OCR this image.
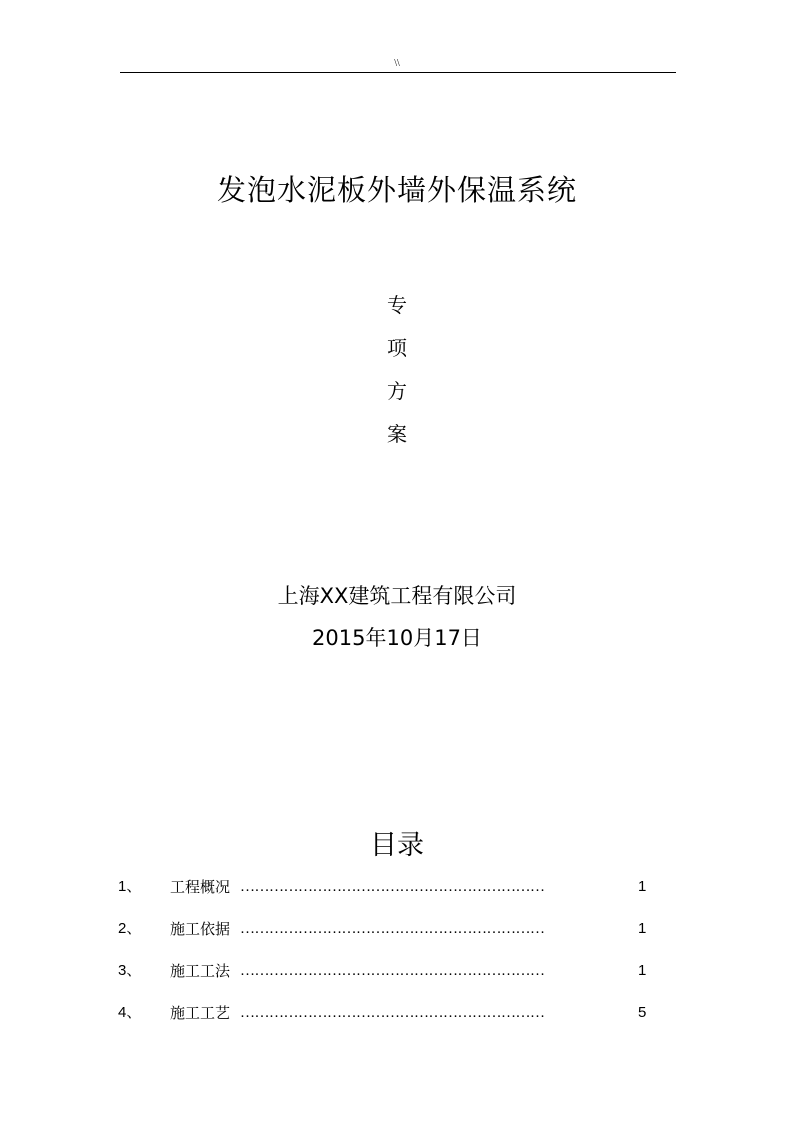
\\
发泡水泥板外墙外保温系统
专
项
方
案
上海XX建筑工程有限公司
2015年10月17日
目录
1、 工程概况 ………………………………………………………	1
2、 施工依据 ………………………………………………………	1
3、 施工工法 ………………………………………………………	1
4、 施工工艺 ………………………………………………………	5
